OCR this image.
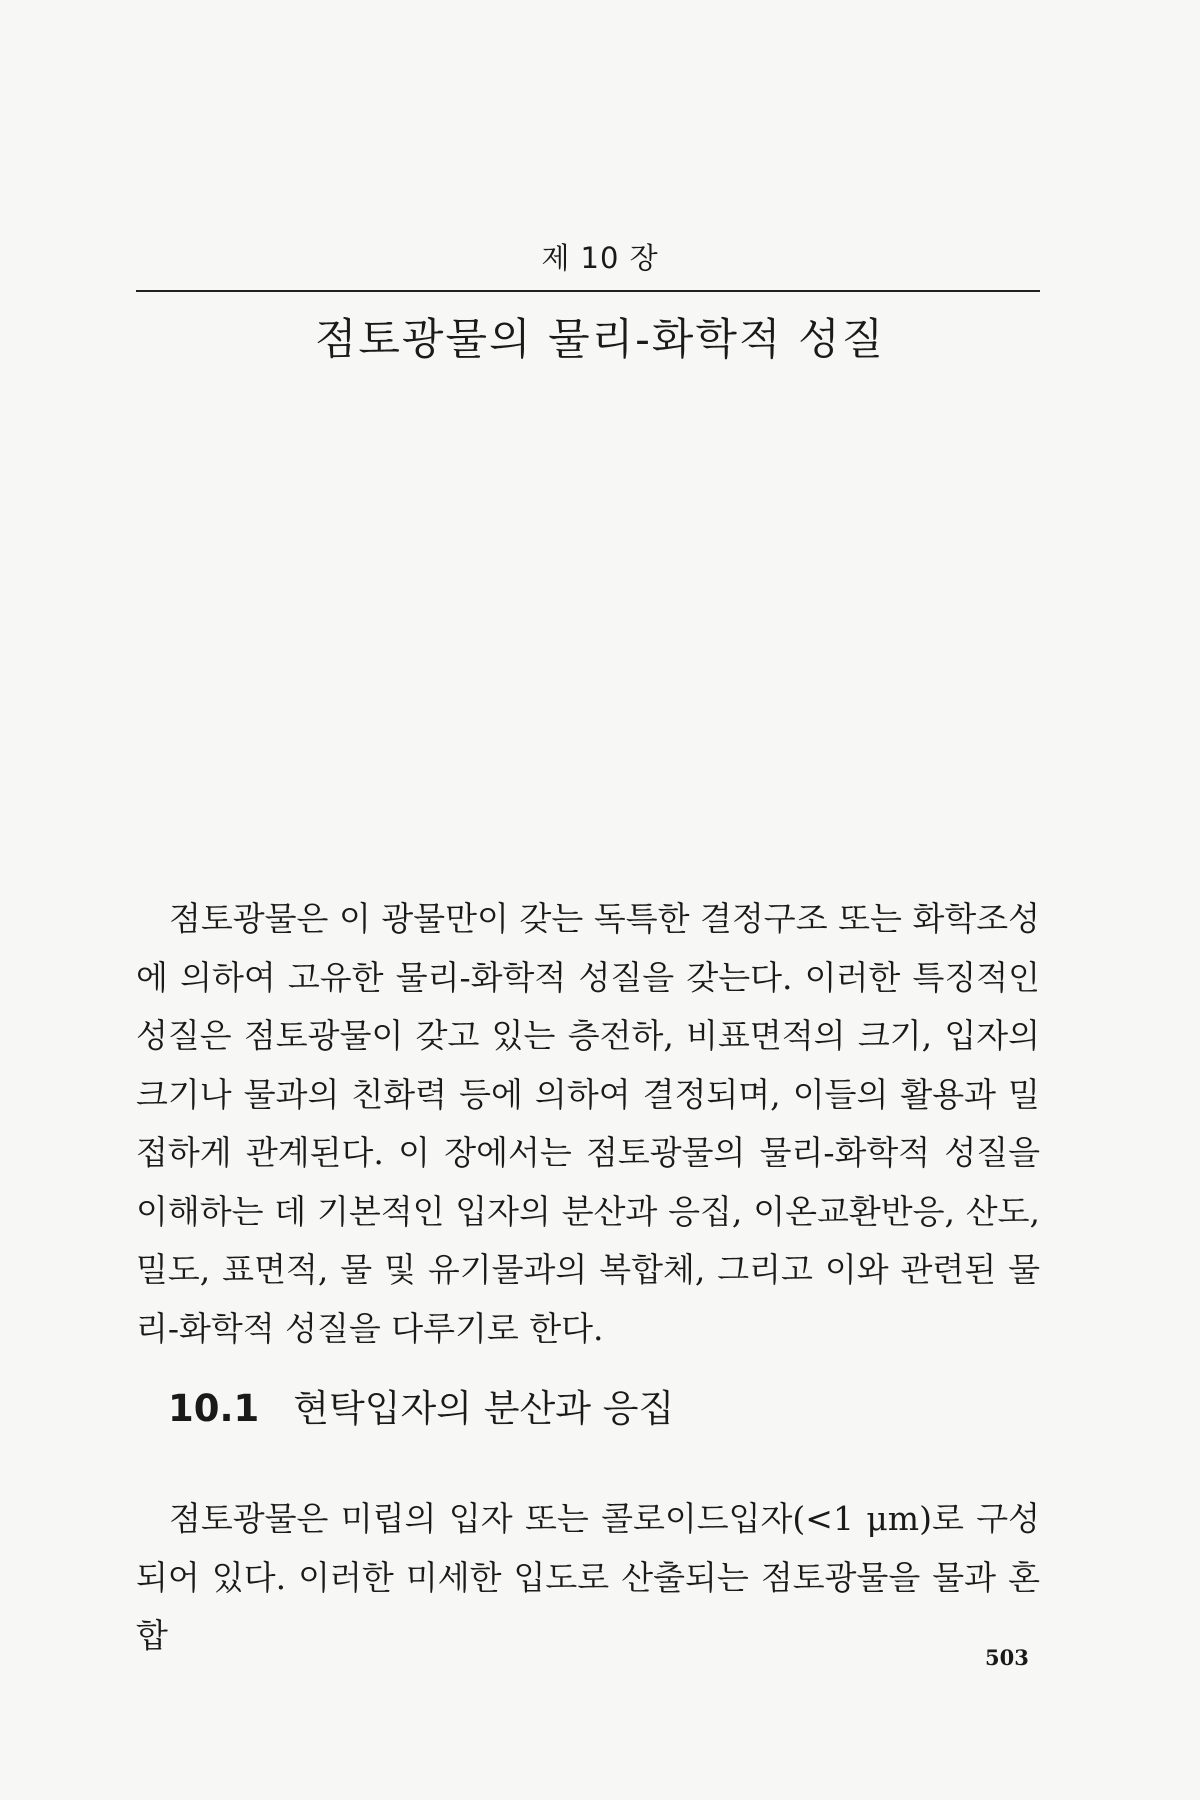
제 10 장
점토광물의 물리-화학적 성질

점토광물은 이 광물만이 갖는 독특한 결정구조 또는 화학조성에 의하여 고유한 물리-화학적 성질을 갖는다. 이러한 특징적인 성질은 점토광물이 갖고 있는 층전하, 비표면적의 크기, 입자의 크기나 물과의 친화력 등에 의하여 결정되며, 이들의 활용과 밀접하게 관계된다. 이 장에서는 점토광물의 물리-화학적 성질을 이해하는 데 기본적인 입자의 분산과 응집, 이온교환반응, 산도, 밀도, 표면적, 물 및 유기물과의 복합체, 그리고 이와 관련된 물리-화학적 성질을 다루기로 한다.

10.1 현탁입자의 분산과 응집

점토광물은 미립의 입자 또는 콜로이드입자(<1 μm)로 구성되어 있다. 이러한 미세한 입도로 산출되는 점토광물을 물과 혼합

503
